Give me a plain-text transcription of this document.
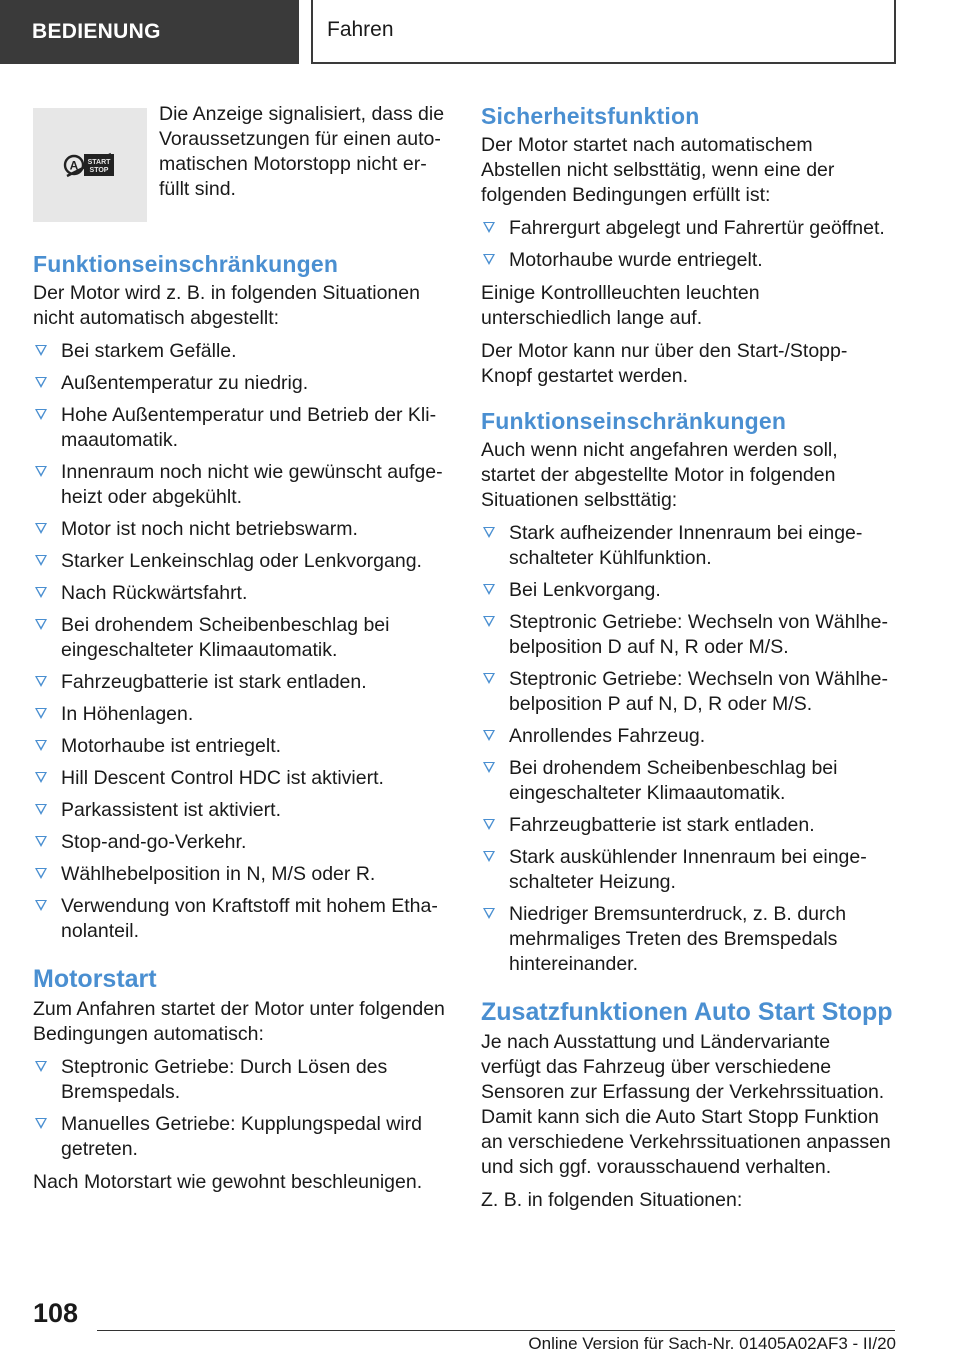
BEDIENUNG	Fahren
A START
STOP
Die Anzeige signalisiert, dass die Voraussetzungen für einen automatischen Motorstopp nicht erfüllt sind.
Funktionseinschränkungen

Der Motor wird z. B. in folgenden Situationen nicht automatisch abgestellt:

Bei starkem Gefälle.
Außentemperatur zu niedrig.
Hohe Außentemperatur und Betrieb der Klimaautomatik.
Innenraum noch nicht wie gewünscht aufgeheizt oder abgekühlt.
Motor ist noch nicht betriebswarm.
Starker Lenkeinschlag oder Lenkvorgang.
Nach Rückwärtsfahrt.
Bei drohendem Scheibenbeschlag bei eingeschalteter Klimaautomatik.
Fahrzeugbatterie ist stark entladen.
In Höhenlagen.
Motorhaube ist entriegelt.
Hill Descent Control HDC ist aktiviert.
Parkassistent ist aktiviert.
Stop-and-go-Verkehr.
Wählhebelposition in N, M/S oder R.
Verwendung von Kraftstoff mit hohem Ethanolanteil.
Motorstart

Zum Anfahren startet der Motor unter folgenden Bedingungen automatisch:

Steptronic Getriebe: Durch Lösen des Bremspedals.
Manuelles Getriebe: Kupplungspedal wird getreten.

Nach Motorstart wie gewohnt beschleunigen.

Sicherheitsfunktion

Der Motor startet nach automatischem Abstellen nicht selbsttätig, wenn eine der folgenden Bedingungen erfüllt ist:

Fahrergurt abgelegt und Fahrertür geöffnet.
Motorhaube wurde entriegelt.

Einige Kontrollleuchten leuchten unterschiedlich lange auf.

Der Motor kann nur über den Start-/Stopp-Knopf gestartet werden.

Funktionseinschränkungen

Auch wenn nicht angefahren werden soll, startet der abgestellte Motor in folgenden Situationen selbsttätig:

Stark aufheizender Innenraum bei eingeschalteter Kühlfunktion.
Bei Lenkvorgang.
Steptronic Getriebe: Wechseln von Wählhebelposition D auf N, R oder M/S.
Steptronic Getriebe: Wechseln von Wählhebelposition P auf N, D, R oder M/S.
Anrollendes Fahrzeug.
Bei drohendem Scheibenbeschlag bei eingeschalteter Klimaautomatik.
Fahrzeugbatterie ist stark entladen.
Stark auskühlender Innenraum bei eingeschalteter Heizung.
Niedriger Bremsunterdruck, z. B. durch mehrmaliges Treten des Bremspedals hintereinander.
Zusatzfunktionen Auto Start Stopp

Je nach Ausstattung und Ländervariante verfügt das Fahrzeug über verschiedene Sensoren zur Erfassung der Verkehrssituation. Damit kann sich die Auto Start Stopp Funktion an verschiedene Verkehrssituationen anpassen und sich ggf. vorausschauend verhalten.

Z. B. in folgenden Situationen:

108
Online Version für Sach-Nr. 01405A02AF3 - II/20
